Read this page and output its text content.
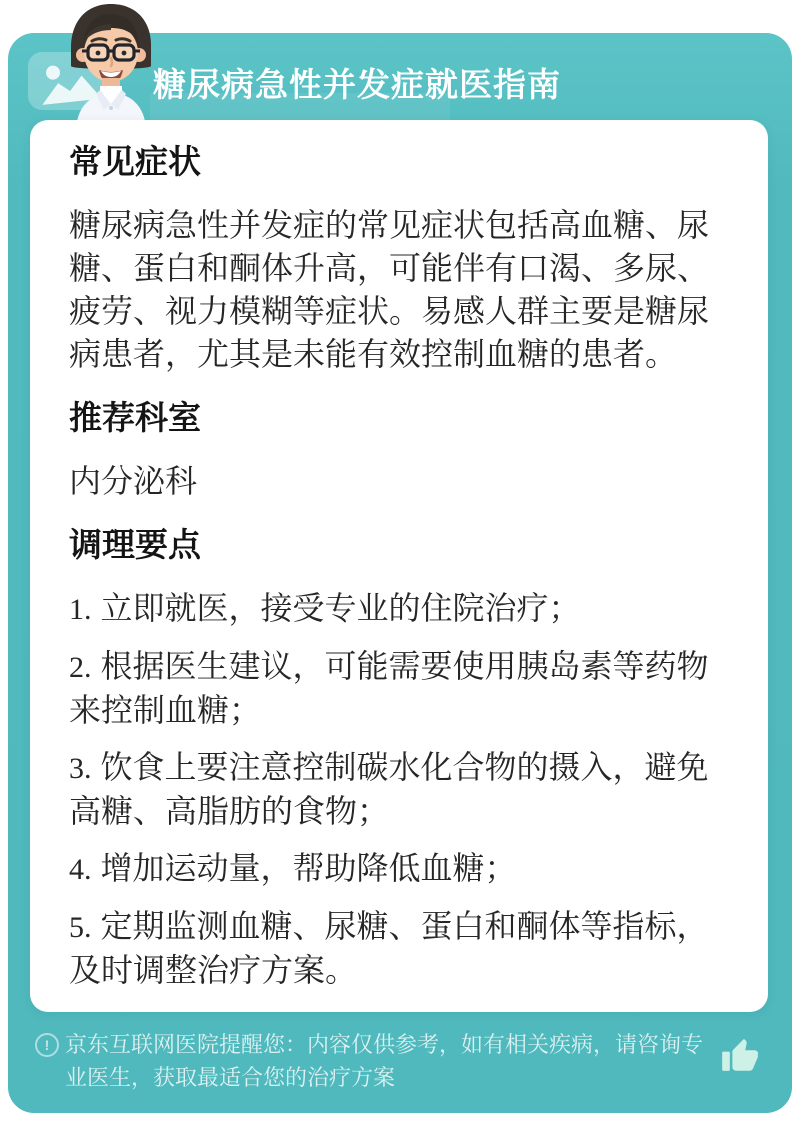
糖尿病急性并发症就医指南
常见症状

糖尿病急性并发症的常见症状包括高血糖、尿糖、蛋白和酮体升高，可能伴有口渴、多尿、疲劳、视力模糊等症状。易感人群主要是糖尿病患者，尤其是未能有效控制血糖的患者。

推荐科室

内分泌科

调理要点

1. 立即就医，接受专业的住院治疗；

2. 根据医生建议，可能需要使用胰岛素等药物来控制血糖；

3. 饮食上要注意控制碳水化合物的摄入，避免高糖、高脂肪的食物；

4. 增加运动量，帮助降低血糖；

5. 定期监测血糖、尿糖、蛋白和酮体等指标，及时调整治疗方案。

! 京东互联网医院提醒您：内容仅供参考，如有相关疾病，请咨询专业医生，获取最适合您的治疗方案
